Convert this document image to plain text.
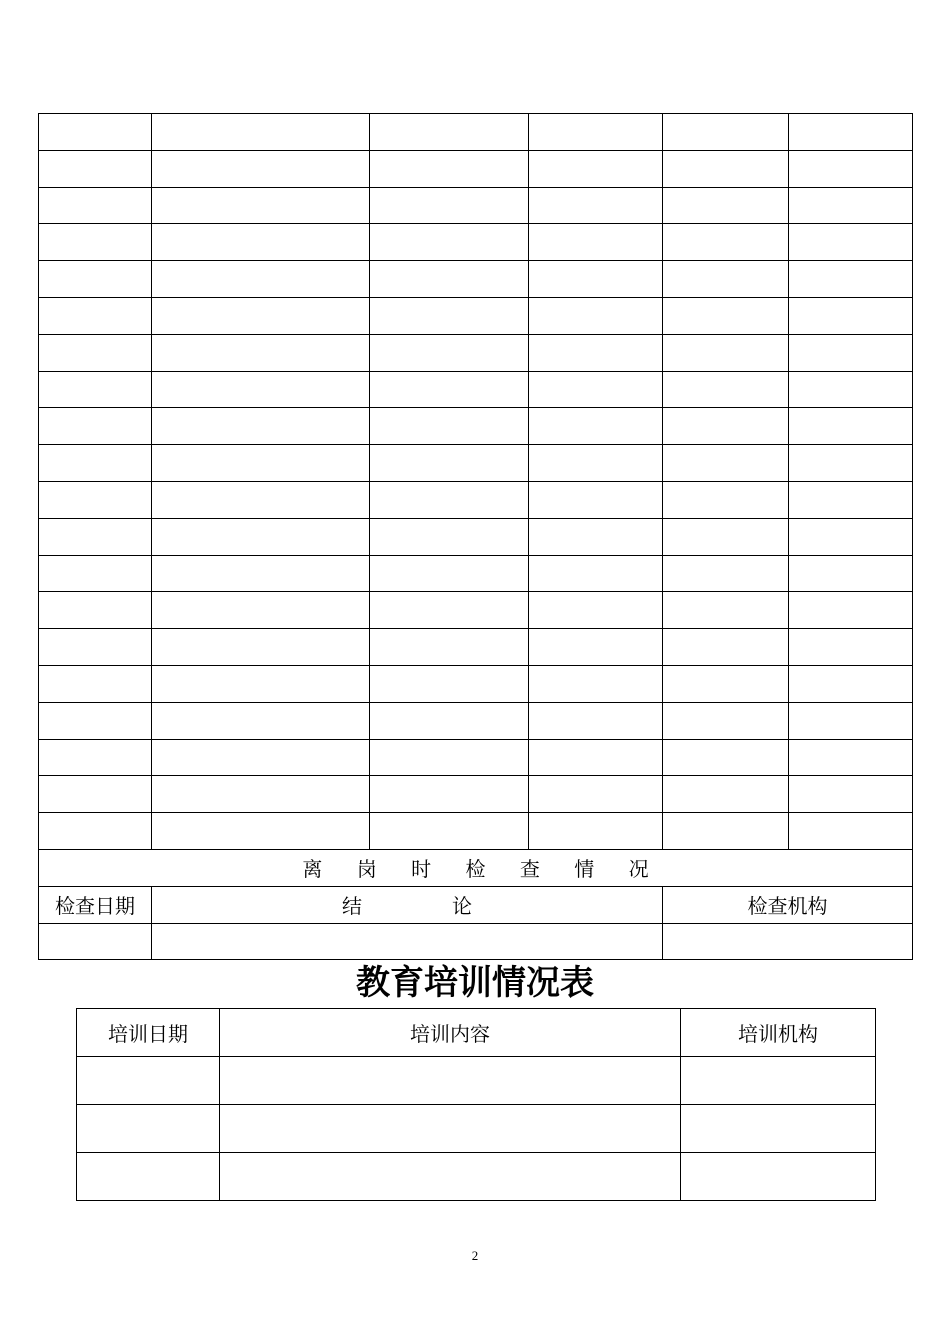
离 岗 时 检 查 情 况					
检查日期	结 论			检查机构	

教育培训情况表
培训日期	培训内容	培训机构

2
